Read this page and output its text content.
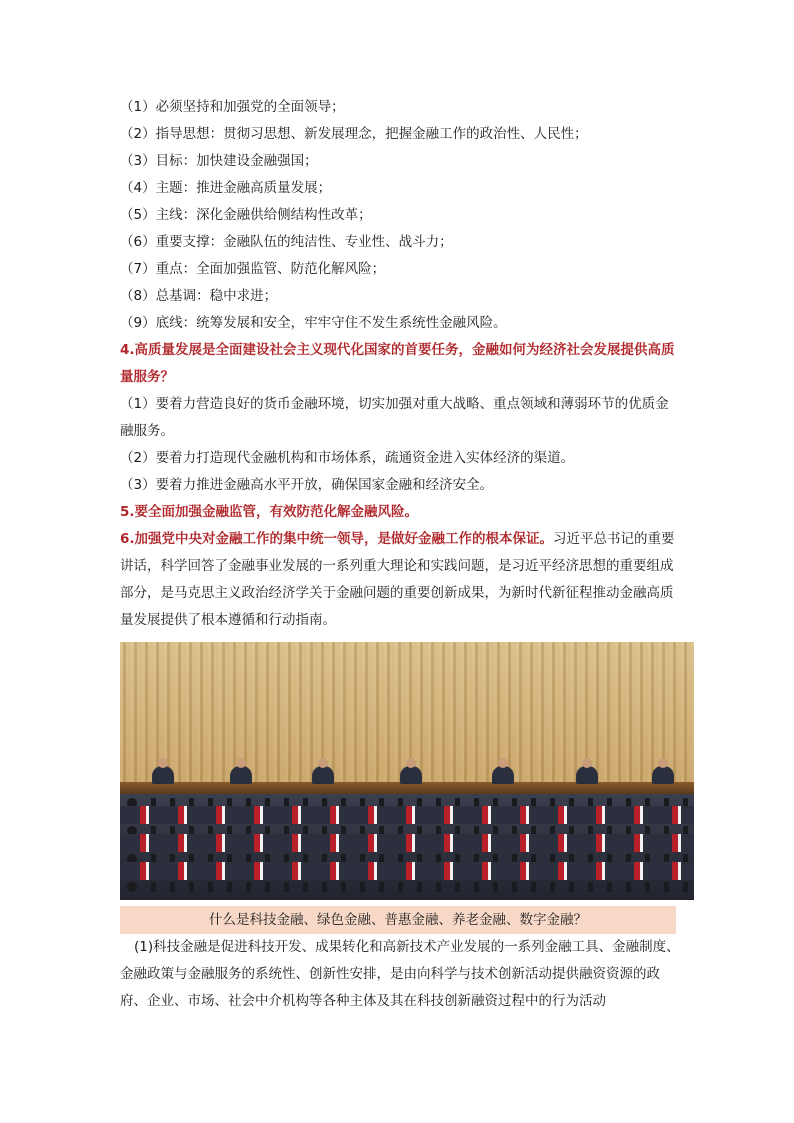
（1）必须坚持和加强党的全面领导；
（2）指导思想：贯彻习思想、新发展理念，把握金融工作的政治性、人民性；
（3）目标：加快建设金融强国；
（4）主题：推进金融高质量发展；
（5）主线：深化金融供给侧结构性改革；
（6）重要支撑：金融队伍的纯洁性、专业性、战斗力；
（7）重点：全面加强监管、防范化解风险；
（8）总基调：稳中求进；
（9）底线：统筹发展和安全，牢牢守住不发生系统性金融风险。
4.高质量发展是全面建设社会主义现代化国家的首要任务，金融如何为经济社会发展提供高质量服务？
（1）要着力营造良好的货币金融环境，切实加强对重大战略、重点领域和薄弱环节的优质金融服务。
（2）要着力打造现代金融机构和市场体系，疏通资金进入实体经济的渠道。
（3）要着力推进金融高水平开放，确保国家金融和经济安全。
5.要全面加强金融监管，有效防范化解金融风险。
6.加强党中央对金融工作的集中统一领导，是做好金融工作的根本保证。习近平总书记的重要讲话，科学回答了金融事业发展的一系列重大理论和实践问题，是习近平经济思想的重要组成部分，是马克思主义政治经济学关于金融问题的重要创新成果，为新时代新征程推动金融高质量发展提供了根本遵循和行动指南。
什么是科技金融、绿色金融、普惠金融、养老金融、数字金融？
(1)科技金融是促进科技开发、成果转化和高新技术产业发展的一系列金融工具、金融制度、金融政策与金融服务的系统性、创新性安排，是由向科学与技术创新活动提供融资资源的政府、企业、市场、社会中介机构等各种主体及其在科技创新融资过程中的行为活动
